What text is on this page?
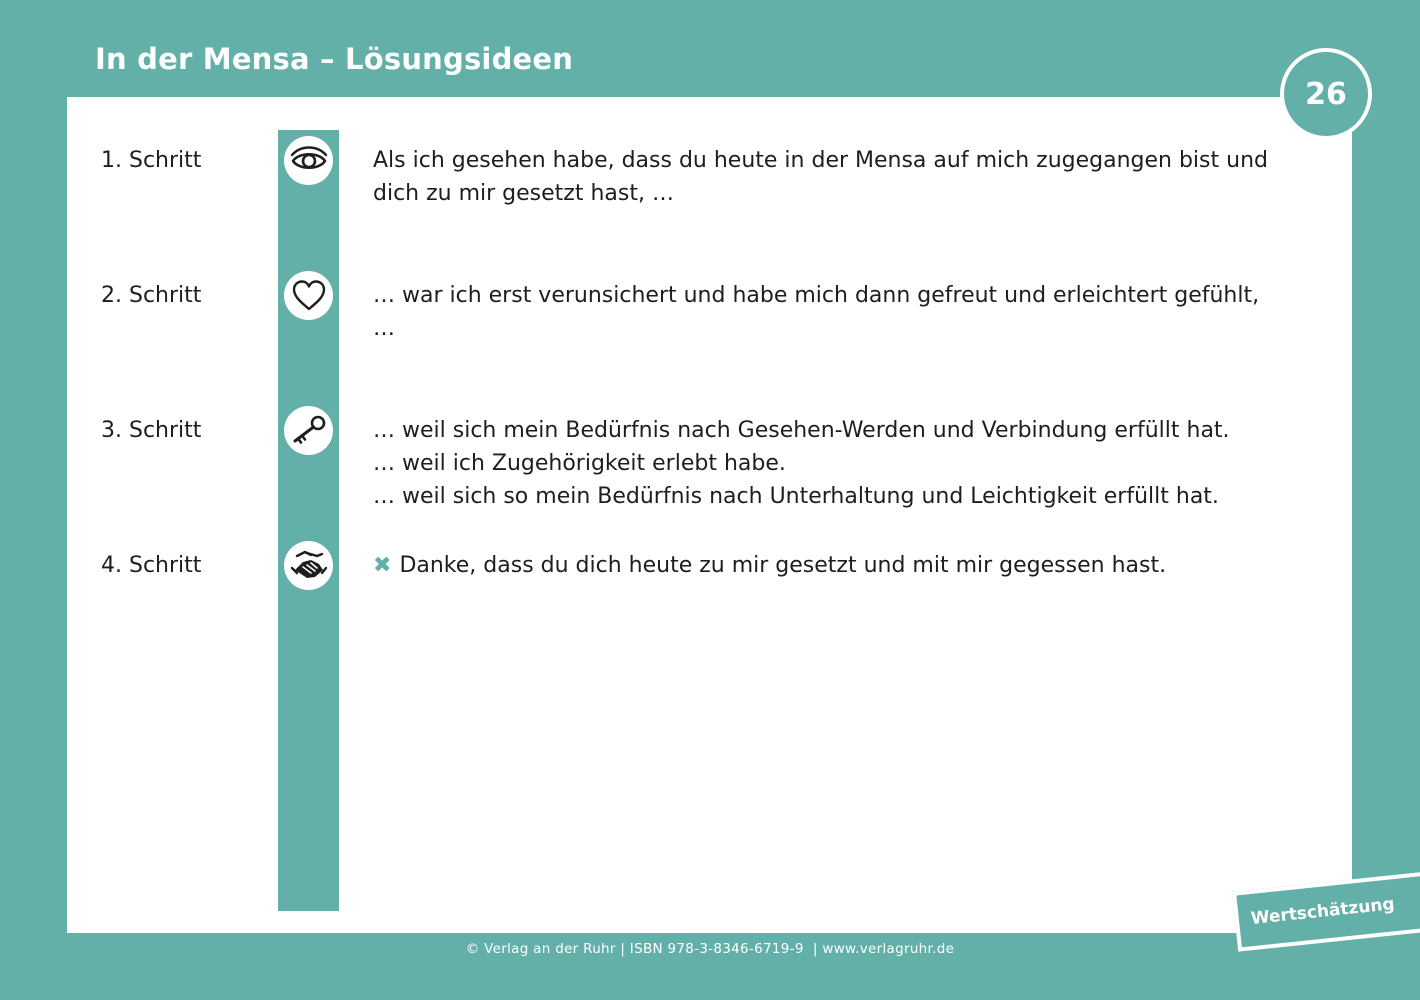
In der Mensa – Lösungsideen
26
1. Schritt	Als ich gesehen habe, dass du heute in der Mensa auf mich zugegangen bist und dich zu mir gesetzt hast, …

2. Schritt	… war ich erst verunsichert und habe mich dann gefreut und erleichtert gefühlt, …

3. Schritt	… weil sich mein Bedürfnis nach Gesehen-Werden und Verbindung erfüllt hat.

… weil ich Zugehörigkeit erlebt habe.

… weil sich so mein Bedürfnis nach Unterhaltung und Leichtigkeit erfüllt hat.

4. Schritt	✖ Danke, dass du dich heute zu mir gesetzt und mit mir gegessen hast.

© Verlag an der Ruhr | ISBN 978-3-8346-6719-9  | www.verlagruhr.de
Wertschätzung
